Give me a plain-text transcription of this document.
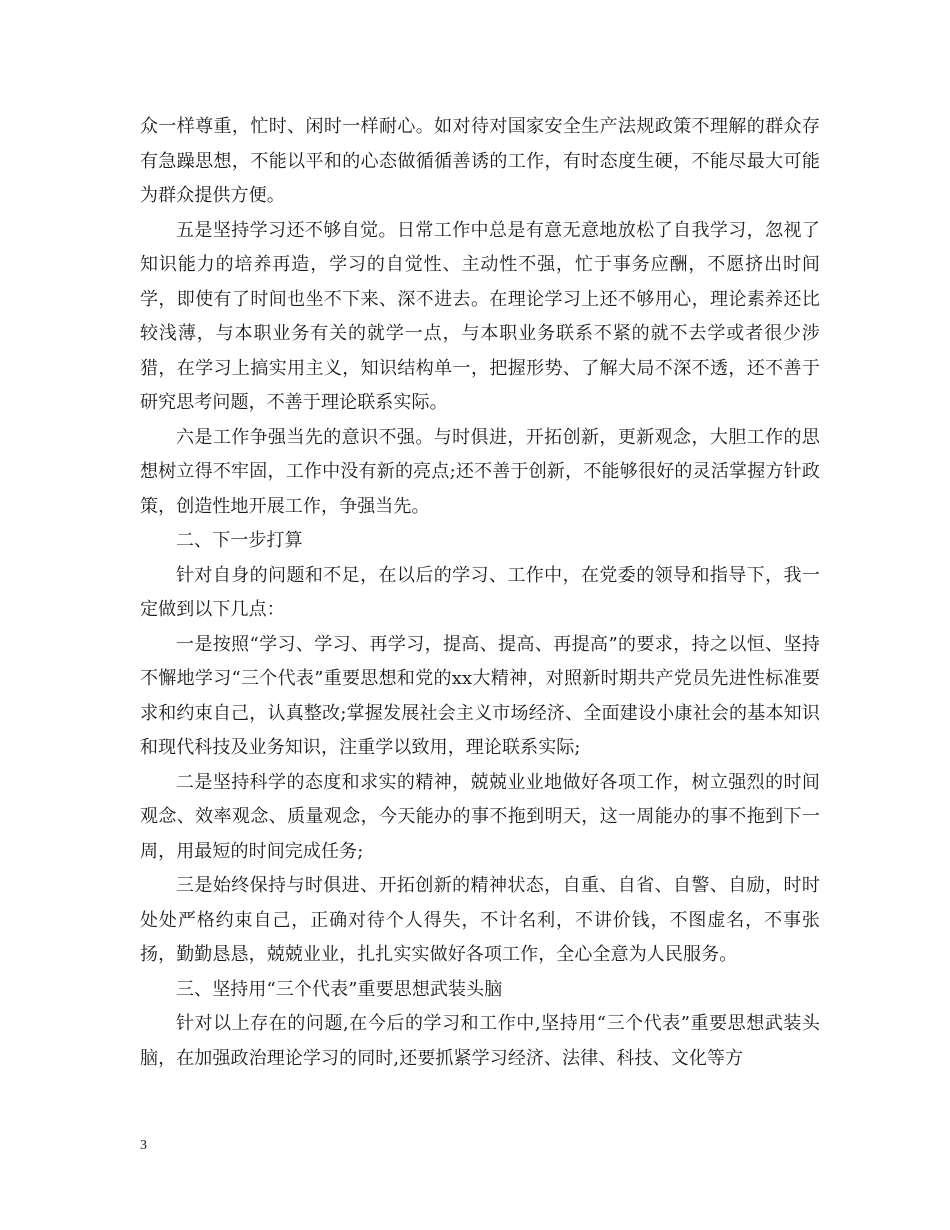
众一样尊重，忙时、闲时一样耐心。如对待对国家安全生产法规政策不理解的群众存有急躁思想，不能以平和的心态做循循善诱的工作，有时态度生硬，不能尽最大可能为群众提供方便。

五是坚持学习还不够自觉。日常工作中总是有意无意地放松了自我学习，忽视了知识能力的培养再造，学习的自觉性、主动性不强，忙于事务应酬，不愿挤出时间学，即使有了时间也坐不下来、深不进去。在理论学习上还不够用心，理论素养还比较浅薄，与本职业务有关的就学一点，与本职业务联系不紧的就不去学或者很少涉猎，在学习上搞实用主义，知识结构单一，把握形势、了解大局不深不透，还不善于研究思考问题，不善于理论联系实际。

六是工作争强当先的意识不强。与时俱进，开拓创新，更新观念，大胆工作的思想树立得不牢固，工作中没有新的亮点;还不善于创新，不能够很好的灵活掌握方针政策，创造性地开展工作，争强当先。

二、下一步打算

针对自身的问题和不足，在以后的学习、工作中，在党委的领导和指导下，我一定做到以下几点：

一是按照“学习、学习、再学习，提高、提高、再提高”的要求，持之以恒、坚持不懈地学习“三个代表”重要思想和党的xx大精神，对照新时期共产党员先进性标准要求和约束自己，认真整改;掌握发展社会主义市场经济、全面建设小康社会的基本知识和现代科技及业务知识，注重学以致用，理论联系实际;

二是坚持科学的态度和求实的精神，兢兢业业地做好各项工作，树立强烈的时间观念、效率观念、质量观念，今天能办的事不拖到明天，这一周能办的事不拖到下一周，用最短的时间完成任务;

三是始终保持与时俱进、开拓创新的精神状态，自重、自省、自警、自励，时时处处严格约束自己，正确对待个人得失，不计名利，不讲价钱，不图虚名，不事张扬，勤勤恳恳，兢兢业业，扎扎实实做好各项工作，全心全意为人民服务。

三、坚持用“三个代表”重要思想武装头脑

针对以上存在的问题,在今后的学习和工作中,坚持用“三个代表”重要思想武装头脑，在加强政治理论学习的同时,还要抓紧学习经济、法律、科技、文化等方

3
